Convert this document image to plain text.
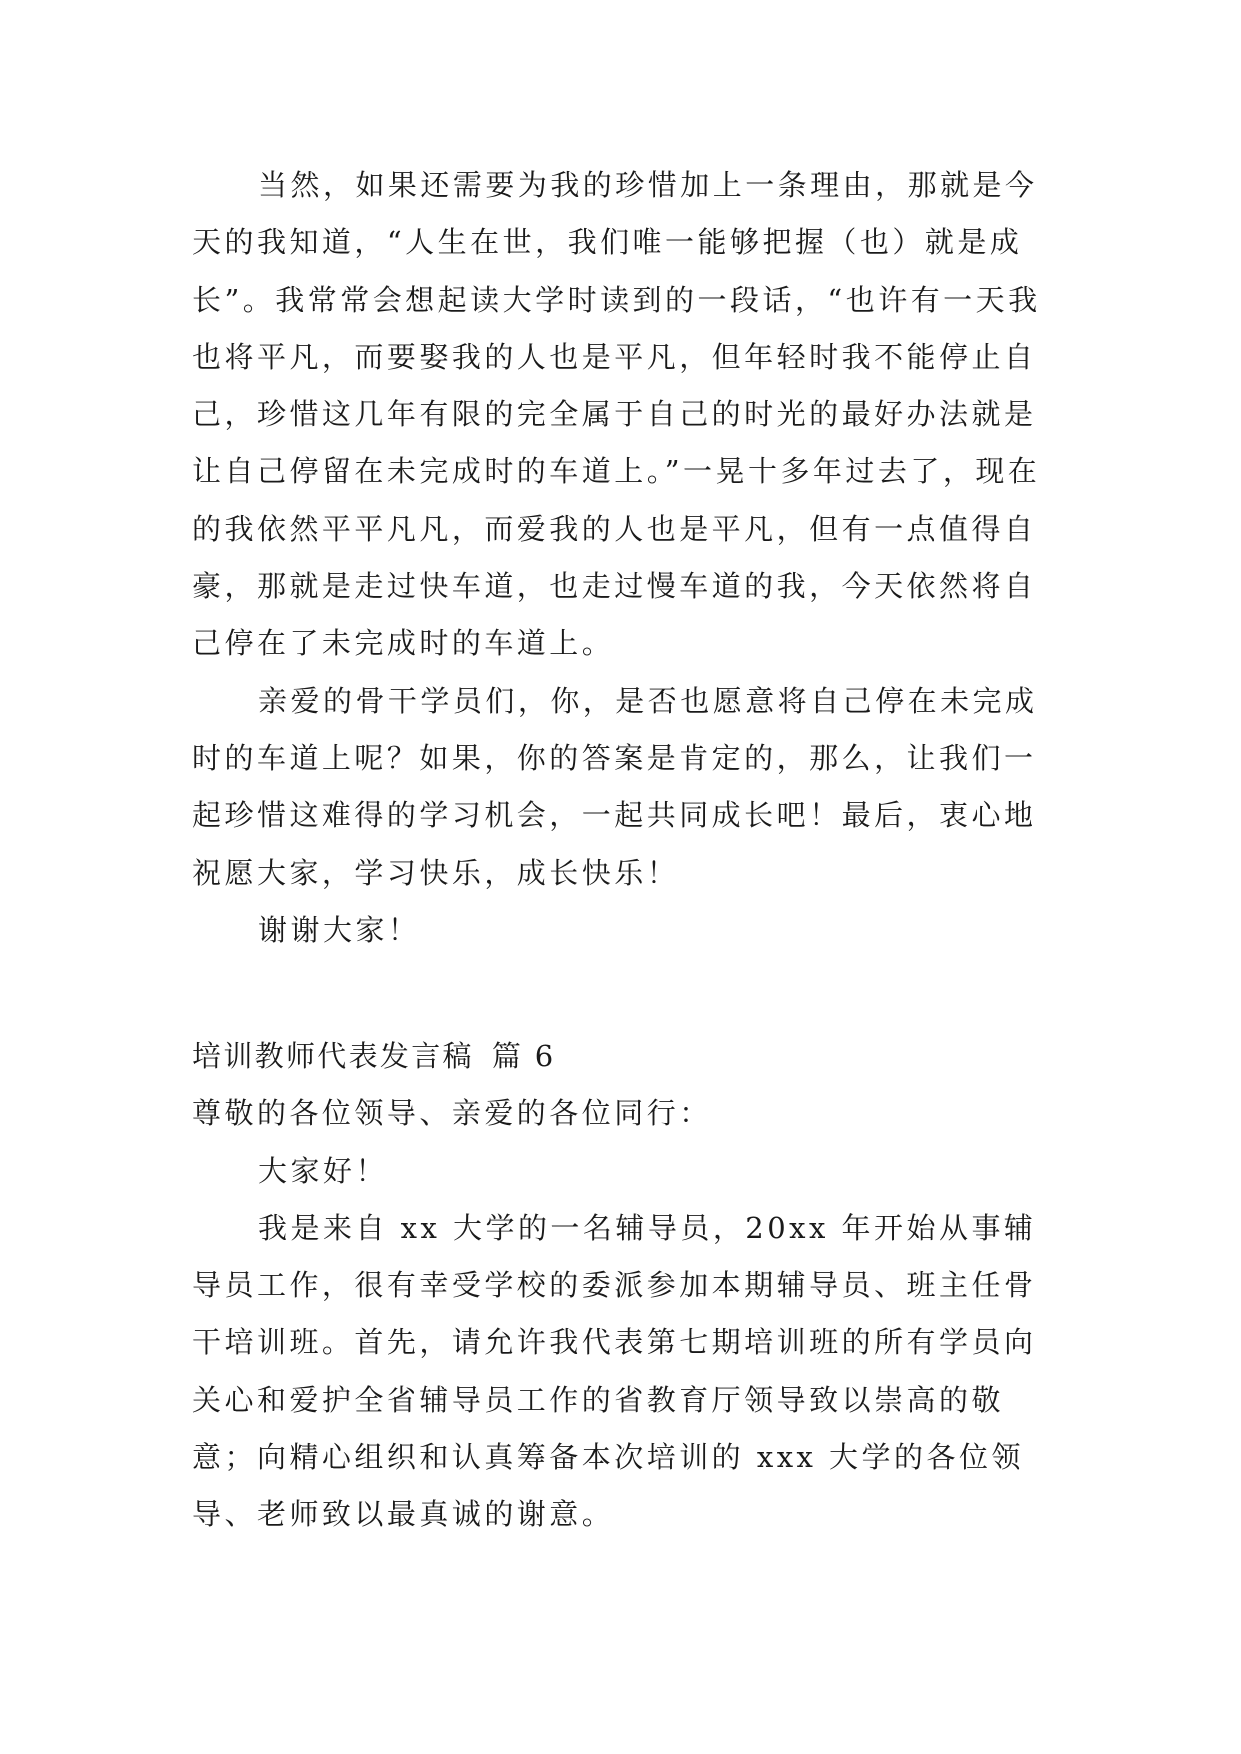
当然，如果还需要为我的珍惜加上一条理由，那就是今天的我知道，“人生在世，我们唯一能够把握（也）就是成长”。我常常会想起读大学时读到的一段话，“也许有一天我也将平凡，而要娶我的人也是平凡，但年轻时我不能停止自己，珍惜这几年有限的完全属于自己的时光的最好办法就是让自己停留在未完成时的车道上。”一晃十多年过去了，现在的我依然平平凡凡，而爱我的人也是平凡，但有一点值得自豪，那就是走过快车道，也走过慢车道的我，今天依然将自己停在了未完成时的车道上。

亲爱的骨干学员们，你，是否也愿意将自己停在未完成时的车道上呢？如果，你的答案是肯定的，那么，让我们一起珍惜这难得的学习机会，一起共同成长吧！最后，衷心地祝愿大家，学习快乐，成长快乐！

谢谢大家！

培训教师代表发言稿 篇 6

尊敬的各位领导、亲爱的各位同行：

大家好！

我是来自 xx 大学的一名辅导员，20xx 年开始从事辅导员工作，很有幸受学校的委派参加本期辅导员、班主任骨干培训班。首先，请允许我代表第七期培训班的所有学员向关心和爱护全省辅导员工作的省教育厅领导致以崇高的敬意；向精心组织和认真筹备本次培训的 xxx 大学的各位领导、老师致以最真诚的谢意。
